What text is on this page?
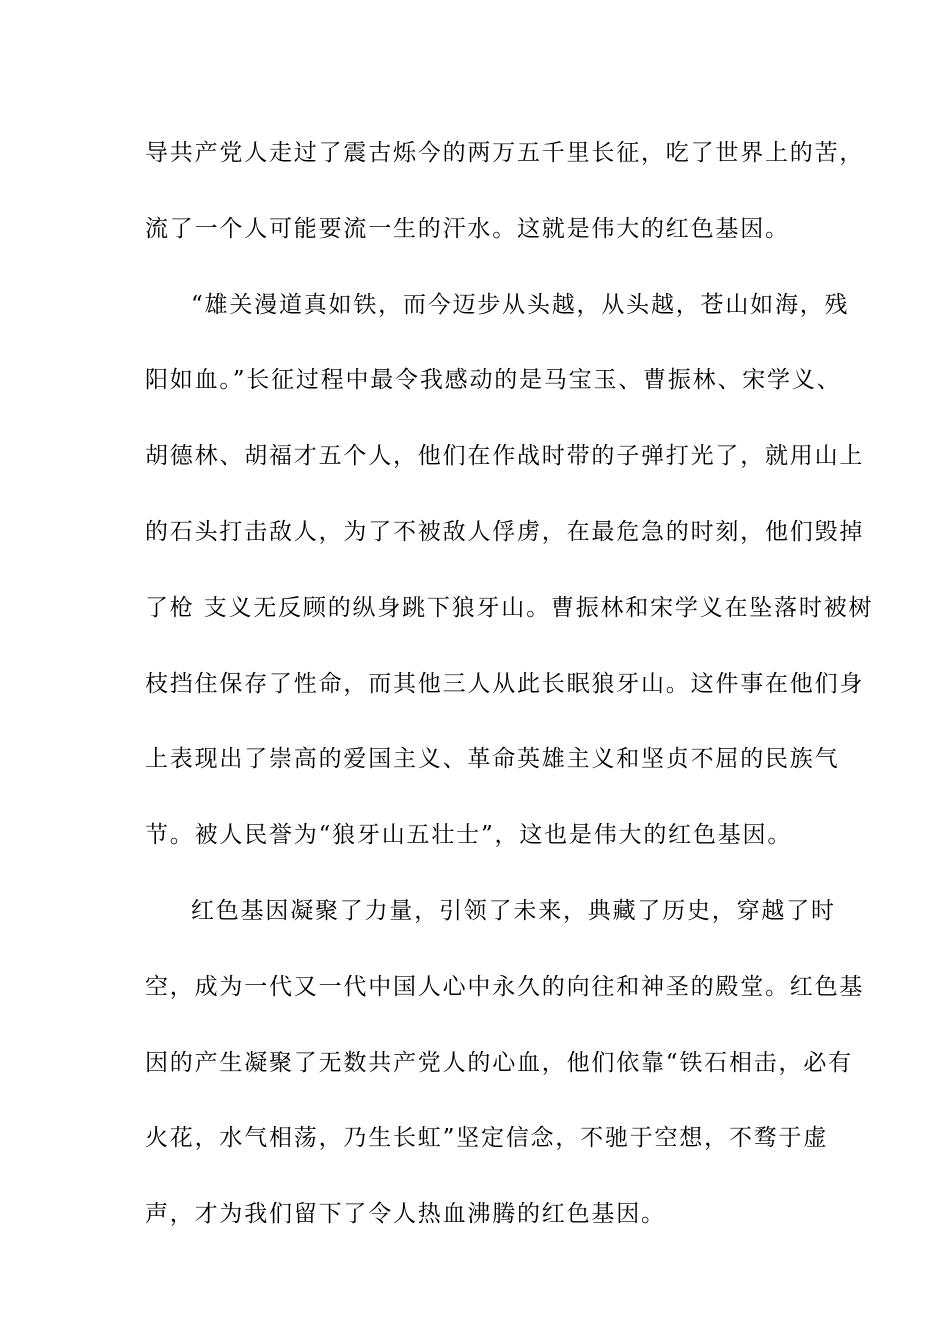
导共产党人走过了震古烁今的两万五千里长征，吃了世界上的苦，
流了一个人可能要流一生的汗水。这就是伟大的红色基因。
“雄关漫道真如铁，而今迈步从头越，从头越，苍山如海，残
阳如血。”长征过程中最令我感动的是马宝玉、曹振林、宋学义、
胡德林、胡福才五个人，他们在作战时带的子弹打光了，就用山上
的石头打击敌人，为了不被敌人俘虏，在最危急的时刻，他们毁掉
了枪 支义无反顾的纵身跳下狼牙山。曹振林和宋学义在坠落时被树
枝挡住保存了性命，而其他三人从此长眠狼牙山。这件事在他们身
上表现出了崇高的爱国主义、革命英雄主义和坚贞不屈的民族气
节。被人民誉为“狼牙山五壮士”，这也是伟大的红色基因。
红色基因凝聚了力量，引领了未来，典藏了历史，穿越了时
空，成为一代又一代中国人心中永久的向往和神圣的殿堂。红色基
因的产生凝聚了无数共产党人的心血，他们依靠“铁石相击，必有
火花，水气相荡，乃生长虹”坚定信念，不驰于空想，不骛于虚
声，才为我们留下了令人热血沸腾的红色基因。
